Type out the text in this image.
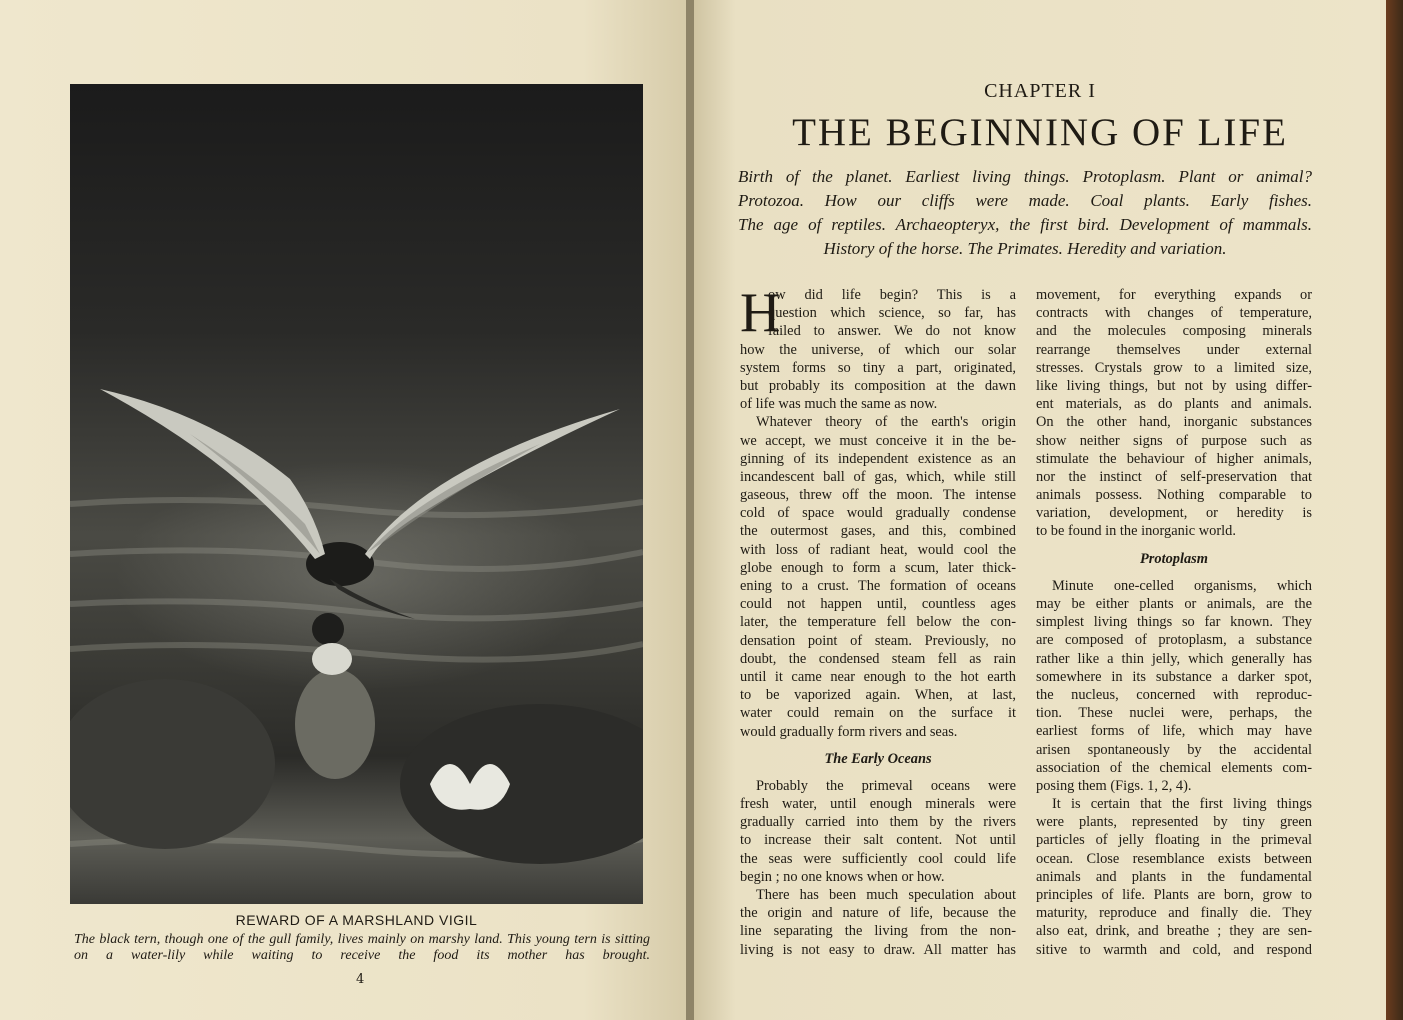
REWARD OF A MARSHLAND VIGIL
The black tern, though one of the gull family, lives mainly on marshy land. This young tern is sitting on a water-lily while waiting to receive the food its mother has brought.
4
CHAPTER I
THE BEGINNING OF LIFE
Birth of the planet. Earliest living things. Protoplasm. Plant or animal?
Protozoa. How our cliffs were made. Coal plants. Early fishes.
The age of reptiles. Archaeopteryx, the first bird. Development of mammals.
History of the horse. The Primates. Heredity and variation.
H
ow did life begin? This is a
question which science, so far, has
failed to answer. We do not know
how the universe, of which our solar
system forms so tiny a part, originated,
but probably its composition at the dawn
of life was much the same as now.
Whatever theory of the earth's origin
we accept, we must conceive it in the be-
ginning of its independent existence as an
incandescent ball of gas, which, while still
gaseous, threw off the moon. The intense
cold of space would gradually condense
the outermost gases, and this, combined
with loss of radiant heat, would cool the
globe enough to form a scum, later thick-
ening to a crust. The formation of oceans
could not happen until, countless ages
later, the temperature fell below the con-
densation point of steam. Previously, no
doubt, the condensed steam fell as rain
until it came near enough to the hot earth
to be vaporized again. When, at last,
water could remain on the surface it
would gradually form rivers and seas.
The Early Oceans
Probably the primeval oceans were
fresh water, until enough minerals were
gradually carried into them by the rivers
to increase their salt content. Not until
the seas were sufficiently cool could life
begin ; no one knows when or how.
There has been much speculation about
the origin and nature of life, because the
line separating the living from the non-
living is not easy to draw. All matter has
movement, for everything expands or
contracts with changes of temperature,
and the molecules composing minerals
rearrange themselves under external
stresses. Crystals grow to a limited size,
like living things, but not by using differ-
ent materials, as do plants and animals.
On the other hand, inorganic substances
show neither signs of purpose such as
stimulate the behaviour of higher animals,
nor the instinct of self-preservation that
animals possess. Nothing comparable to
variation, development, or heredity is
to be found in the inorganic world.
Protoplasm
Minute one-celled organisms, which
may be either plants or animals, are the
simplest living things so far known. They
are composed of protoplasm, a substance
rather like a thin jelly, which generally has
somewhere in its substance a darker spot,
the nucleus, concerned with reproduc-
tion. These nuclei were, perhaps, the
earliest forms of life, which may have
arisen spontaneously by the accidental
association of the chemical elements com-
posing them (Figs. 1, 2, 4).
It is certain that the first living things
were plants, represented by tiny green
particles of jelly floating in the primeval
ocean. Close resemblance exists between
animals and plants in the fundamental
principles of life. Plants are born, grow to
maturity, reproduce and finally die. They
also eat, drink, and breathe ; they are sen-
sitive to warmth and cold, and respond
